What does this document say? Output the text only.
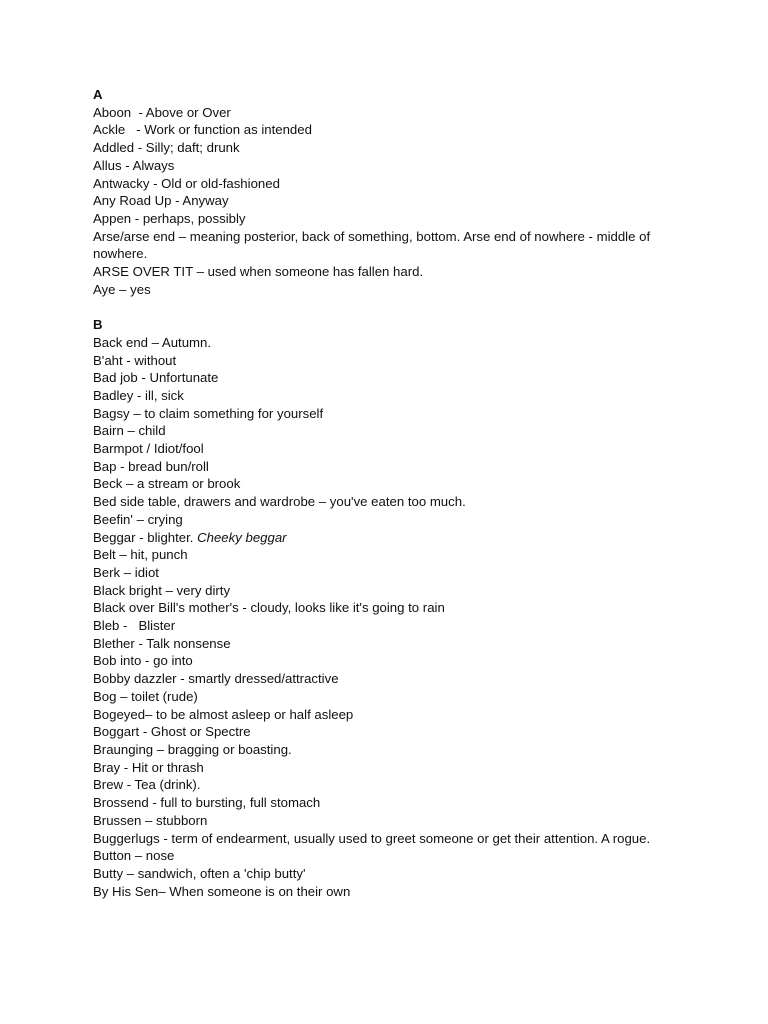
A
Aboon  - Above or Over
Ackle   - Work or function as intended
Addled - Silly; daft; drunk
Allus - Always
Antwacky - Old or old-fashioned
Any Road Up - Anyway
Appen - perhaps, possibly
Arse/arse end – meaning posterior, back of something, bottom. Arse end of nowhere - middle of nowhere.
ARSE OVER TIT – used when someone has fallen hard.
Aye – yes
B
Back end – Autumn.
B'aht - without
Bad job - Unfortunate
Badley - ill, sick
Bagsy – to claim something for yourself
Bairn – child
Barmpot / Idiot/fool
Bap - bread bun/roll
Beck – a stream or brook
Bed side table, drawers and wardrobe – you've eaten too much.
Beefin' – crying
Beggar - blighter. Cheeky beggar
Belt – hit, punch
Berk – idiot
Black bright – very dirty
Black over Bill's mother's - cloudy, looks like it's going to rain
Bleb -   Blister
Blether - Talk nonsense
Bob into - go into
Bobby dazzler - smartly dressed/attractive
Bog – toilet (rude)
Bogeyed– to be almost asleep or half asleep
Boggart - Ghost or Spectre
Braunging – bragging or boasting.
Bray - Hit or thrash
Brew - Tea (drink).
Brossend - full to bursting, full stomach
Brussen – stubborn
Buggerlugs - term of endearment, usually used to greet someone or get their attention. A rogue.
Button – nose
Butty – sandwich, often a 'chip butty'
By His Sen– When someone is on their own
